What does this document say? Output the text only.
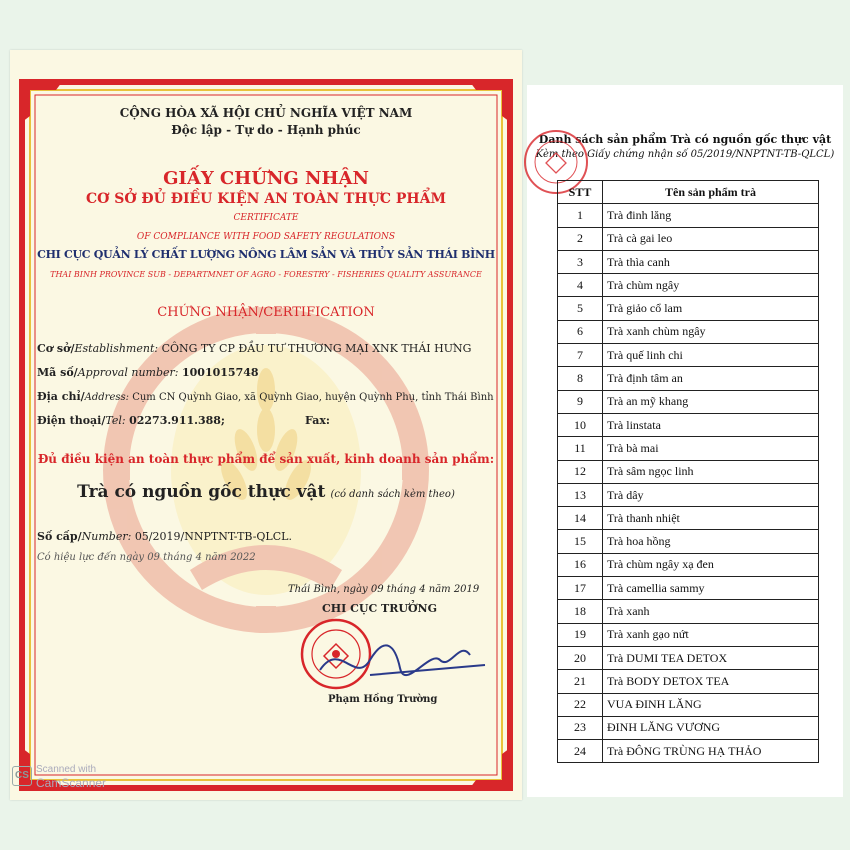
CỘNG HÒA XÃ HỘI CHỦ NGHĨA VIỆT NAM
Độc lập - Tự do - Hạnh phúc
GIẤY CHỨNG NHẬN
CƠ SỞ ĐỦ ĐIỀU KIỆN AN TOÀN THỰC PHẨM
CERTIFICATE
OF COMPLIANCE WITH FOOD SAFETY REGULATIONS
CHI CỤC QUẢN LÝ CHẤT LƯỢNG NÔNG LÂM SẢN VÀ THỦY SẢN THÁI BÌNH
THAI BINH PROVINCE SUB - DEPARTMNET OF AGRO - FORESTRY - FISHERIES QUALITY ASSURANCE
CHỨNG NHẬN/CERTIFICATION
Cơ sở/Establishment: CÔNG TY CP ĐẦU TƯ THƯƠNG MẠI XNK THÁI HƯNG
Mã số/Approval number: 1001015748
Địa chỉ/Address: Cụm CN Quỳnh Giao, xã Quỳnh Giao, huyện Quỳnh Phụ, tỉnh Thái Bình
Điện thoại/Tel: 02273.911.388;	Fax:
Đủ điều kiện an toàn thực phẩm để sản xuất, kinh doanh sản phẩm:
Trà có nguồn gốc thực vật (có danh sách kèm theo)
Số cấp/Number: 05/2019/NNPTNT-TB-QLCL.
Có hiệu lực đến ngày 09 tháng 4 năm 2022
Thái Bình, ngày 09 tháng 4 năm 2019
CHI CỤC TRƯỞNG
Phạm Hồng Trường
Danh sách sản phẩm Trà có nguồn gốc thực vật
Kèm theo Giấy chứng nhận số 05/2019/NNPTNT-TB-QLCL)
STT	Tên sản phẩm trà
1	Trà đinh lăng
2	Trà cà gai leo
3	Trà thìa canh
4	Trà chùm ngây
5	Trà giảo cổ lam
6	Trà xanh chùm ngây
7	Trà quế linh chi
8	Trà định tâm an
9	Trà an mỹ khang
10	Trà linstata
11	Trà bà mai
12	Trà sâm ngọc linh
13	Trà dây
14	Trà thanh nhiệt
15	Trà hoa hồng
16	Trà chùm ngây xạ đen
17	Trà camellia sammy
18	Trà xanh
19	Trà xanh gạo nứt
20	Trà DUMI TEA DETOX
21	Trà BODY DETOX TEA
22	VUA ĐINH LĂNG
23	ĐINH LĂNG VƯƠNG
24	Trà ĐÔNG TRÙNG HẠ THẢO
CS
Scanned with
CamScanner
